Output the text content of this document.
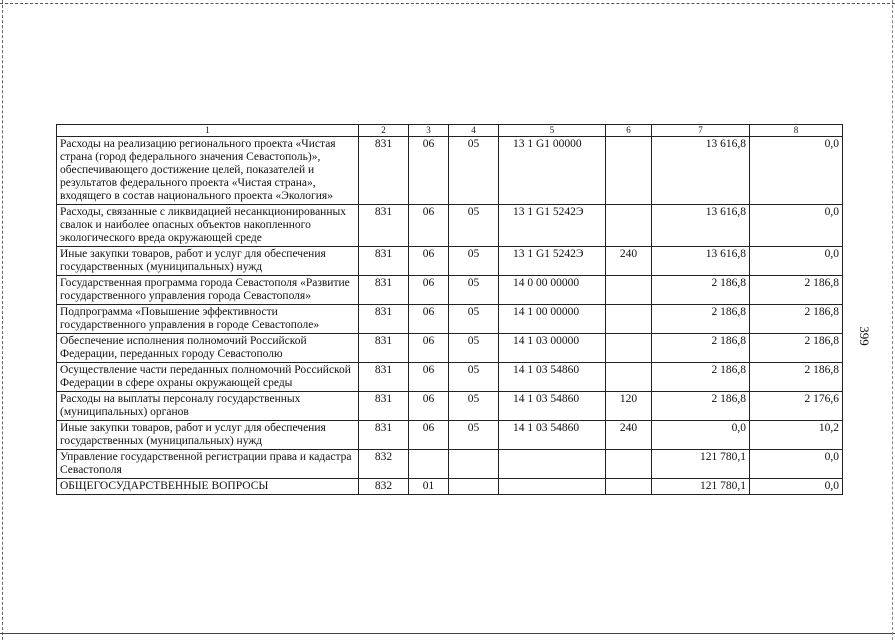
399
1	2	3	4	5	6	7	8
Расходы на реализацию регионального проекта «Чистая страна (город федерального значения Севастополь)», обеспечивающего достижение целей, показателей и результатов федерального проекта «Чистая страна», входящего в состав национального проекта «Экология»	831	06	05	13 1 G1 00000		13 616,8	0,0
Расходы, связанные с ликвидацией несанкционированных свалок и наиболее опасных объектов накопленного экологического вреда окружающей среде	831	06	05	13 1 G1 5242Э		13 616,8	0,0
Иные закупки товаров, работ и услуг для обеспечения государственных (муниципальных) нужд	831	06	05	13 1 G1 5242Э	240	13 616,8	0,0
Государственная программа города Севастополя «Развитие государственного управления города Севастополя»	831	06	05	14 0 00 00000		2 186,8	2 186,8
Подпрограмма «Повышение эффективности государственного управления в городе Севастополе»	831	06	05	14 1 00 00000		2 186,8	2 186,8
Обеспечение исполнения полномочий Российской Федерации, переданных городу Севастополю	831	06	05	14 1 03 00000		2 186,8	2 186,8
Осуществление части переданных полномочий Российской Федерации в сфере охраны окружающей среды	831	06	05	14 1 03 54860		2 186,8	2 186,8
Расходы на выплаты персоналу государственных (муниципальных) органов	831	06	05	14 1 03 54860	120	2 186,8	2 176,6
Иные закупки товаров, работ и услуг для обеспечения государственных (муниципальных) нужд	831	06	05	14 1 03 54860	240	0,0	10,2
Управление государственной регистрации права и кадастра Севастополя	832					121 780,1	0,0
ОБЩЕГОСУДАРСТВЕННЫЕ ВОПРОСЫ	832	01				121 780,1	0,0
